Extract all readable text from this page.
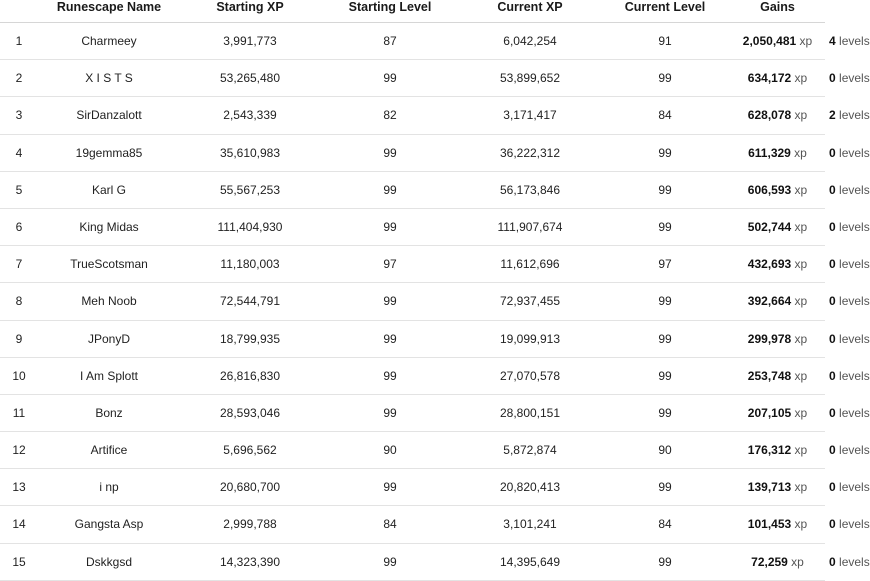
	Runescape Name	Starting XP	Starting Level	Current XP	Current Level	Gains	
1	Charmeey	3,991,773	87	6,042,254	91	2,050,481 xp	4 levels
2	X I S T S	53,265,480	99	53,899,652	99	634,172 xp	0 levels
3	SirDanzalott	2,543,339	82	3,171,417	84	628,078 xp	2 levels
4	19gemma85	35,610,983	99	36,222,312	99	611,329 xp	0 levels
5	Karl G	55,567,253	99	56,173,846	99	606,593 xp	0 levels
6	King Midas	111,404,930	99	111,907,674	99	502,744 xp	0 levels
7	TrueScotsman	11,180,003	97	11,612,696	97	432,693 xp	0 levels
8	Meh Noob	72,544,791	99	72,937,455	99	392,664 xp	0 levels
9	JPonyD	18,799,935	99	19,099,913	99	299,978 xp	0 levels
10	I Am Splott	26,816,830	99	27,070,578	99	253,748 xp	0 levels
11	Bonz	28,593,046	99	28,800,151	99	207,105 xp	0 levels
12	Artifice	5,696,562	90	5,872,874	90	176,312 xp	0 levels
13	i np	20,680,700	99	20,820,413	99	139,713 xp	0 levels
14	Gangsta Asp	2,999,788	84	3,101,241	84	101,453 xp	0 levels
15	Dskkgsd	14,323,390	99	14,395,649	99	72,259 xp	0 levels
